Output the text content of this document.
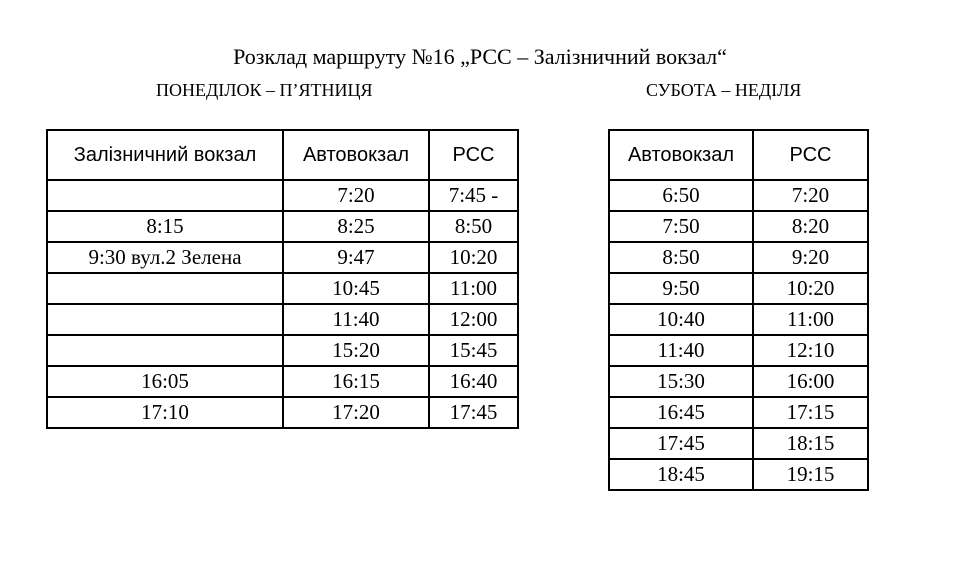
Розклад маршруту №16 „РСС – Залізничний вокзал“
ПОНЕДІЛОК – П’ЯТНИЦЯ	СУБОТА – НЕДІЛЯ
Залізничний вокзал	Автовокзал	РСС
	7:20	7:45 -
8:15	8:25	8:50
9:30 вул.2 Зелена	9:47	10:20
	10:45	11:00
	11:40	12:00
	15:20	15:45
16:05	16:15	16:40
17:10	17:20	17:45
Автовокзал	РСС
6:50	7:20
7:50	8:20
8:50	9:20
9:50	10:20
10:40	11:00
11:40	12:10
15:30	16:00
16:45	17:15
17:45	18:15
18:45	19:15
